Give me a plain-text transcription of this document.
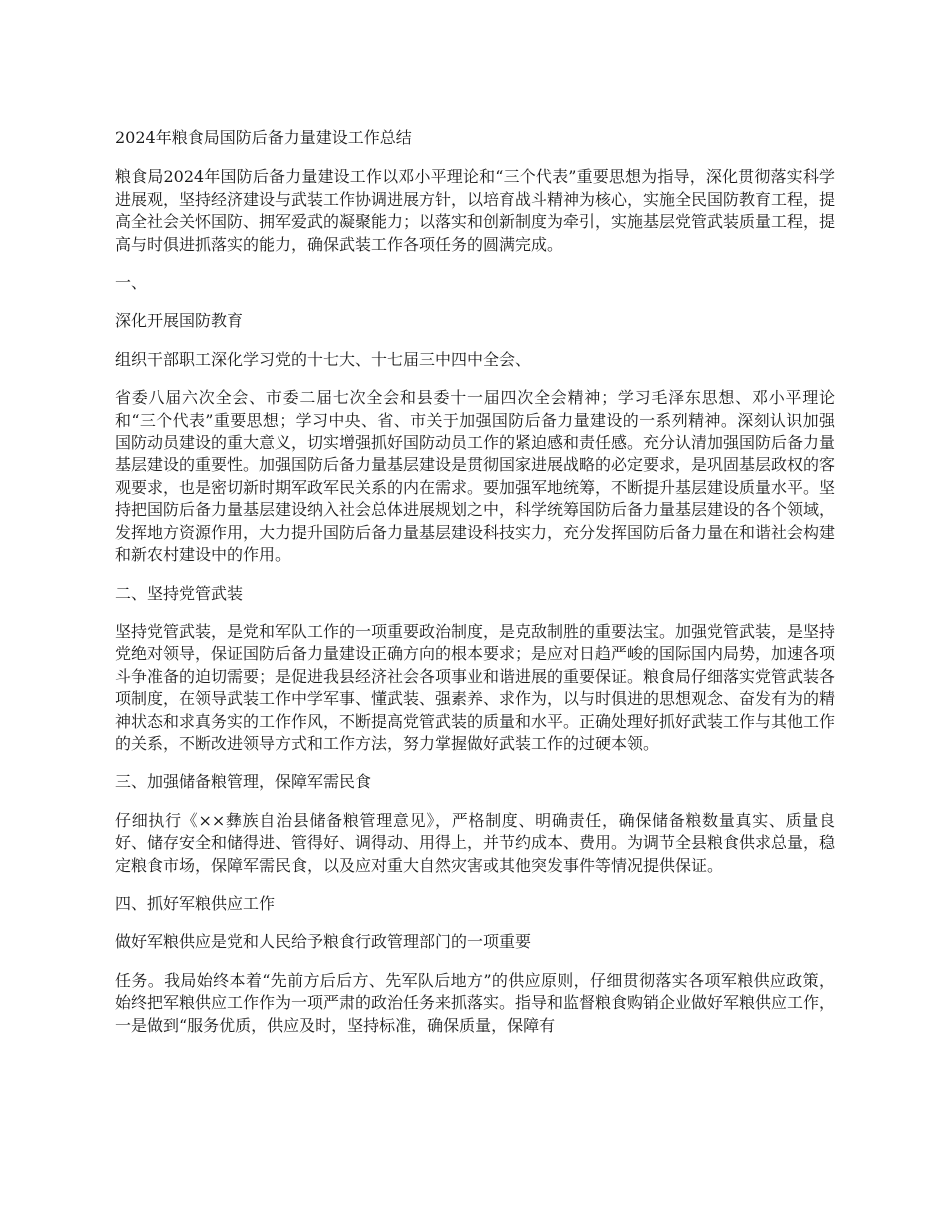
2024年粮食局国防后备力量建设工作总结

粮食局2024年国防后备力量建设工作以邓小平理论和“三个代表”重要思想为指导，深化贯彻落实科学进展观，坚持经济建设与武装工作协调进展方针，以培育战斗精神为核心，实施全民国防教育工程，提高全社会关怀国防、拥军爱武的凝聚能力；以落实和创新制度为牵引，实施基层党管武装质量工程，提高与时俱进抓落实的能力，确保武装工作各项任务的圆满完成。

一、

深化开展国防教育

组织干部职工深化学习党的十七大、十七届三中四中全会、

省委八届六次全会、市委二届七次全会和县委十一届四次全会精神；学习毛泽东思想、邓小平理论和“三个代表”重要思想；学习中央、省、市关于加强国防后备力量建设的一系列精神。深刻认识加强国防动员建设的重大意义，切实增强抓好国防动员工作的紧迫感和责任感。充分认清加强国防后备力量基层建设的重要性。加强国防后备力量基层建设是贯彻国家进展战略的必定要求，是巩固基层政权的客观要求，也是密切新时期军政军民关系的内在需求。要加强军地统筹，不断提升基层建设质量水平。坚持把国防后备力量基层建设纳入社会总体进展规划之中，科学统筹国防后备力量基层建设的各个领域，发挥地方资源作用，大力提升国防后备力量基层建设科技实力，充分发挥国防后备力量在和谐社会构建和新农村建设中的作用。

二、坚持党管武装

坚持党管武装，是党和军队工作的一项重要政治制度，是克敌制胜的重要法宝。加强党管武装，是坚持党绝对领导，保证国防后备力量建设正确方向的根本要求；是应对日趋严峻的国际国内局势，加速各项斗争准备的迫切需要；是促进我县经济社会各项事业和谐进展的重要保证。粮食局仔细落实党管武装各项制度，在领导武装工作中学军事、懂武装、强素养、求作为，以与时俱进的思想观念、奋发有为的精神状态和求真务实的工作作风，不断提高党管武装的质量和水平。正确处理好抓好武装工作与其他工作的关系，不断改进领导方式和工作方法，努力掌握做好武装工作的过硬本领。

三、加强储备粮管理，保障军需民食

仔细执行《××彝族自治县储备粮管理意见》，严格制度、明确责任，确保储备粮数量真实、质量良好、储存安全和储得进、管得好、调得动、用得上，并节约成本、费用。为调节全县粮食供求总量，稳定粮食市场，保障军需民食，以及应对重大自然灾害或其他突发事件等情况提供保证。

四、抓好军粮供应工作

做好军粮供应是党和人民给予粮食行政管理部门的一项重要

任务。我局始终本着“先前方后后方、先军队后地方”的供应原则，仔细贯彻落实各项军粮供应政策，始终把军粮供应工作作为一项严肃的政治任务来抓落实。指导和监督粮食购销企业做好军粮供应工作，一是做到“服务优质，供应及时，坚持标准，确保质量，保障有
